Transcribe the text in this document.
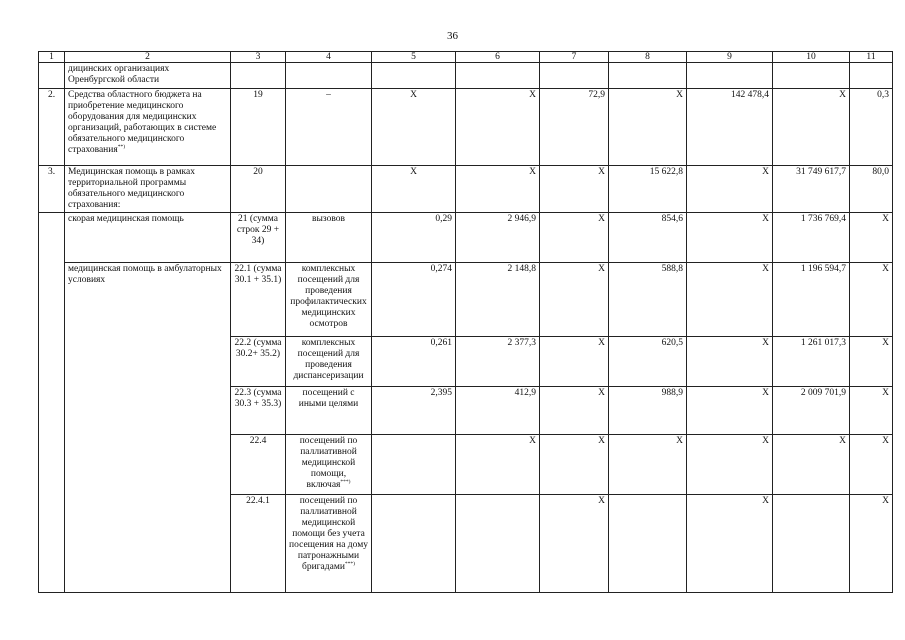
36
1	2	3	4	5	6	7	8	9	10	11
	дицинских организациях Оренбургской области									
2.	Средства областного бюджета на приобретение медицинского оборудования для медицинских организаций, работающих в системе обязательного медицинского страхования**)	19	–	Х	Х	72,9	Х	142 478,4	Х	0,3
3.	Медицинская помощь в рамках территориальной программы обязательного медицинского страхования:	20		Х	Х	Х	15 622,8	Х	31 749 617,7	80,0
	скорая медицинская помощь	21 (сумма строк 29 + 34)	вызовов	0,29	2 946,9	Х	854,6	Х	1 736 769,4	Х
	медицинская помощь в амбулаторных условиях	22.1 (сумма 30.1 + 35.1)	комплексных посещений для проведения профилактических медицинских осмотров	0,274	2 148,8	Х	588,8	Х	1 196 594,7	Х
		22.2 (сумма 30.2+ 35.2)	комплексных посещений для проведения диспансеризации	0,261	2 377,3	Х	620,5	Х	1 261 017,3	Х
		22.3 (сумма 30.3 + 35.3)	посещений с иными целями	2,395	412,9	Х	988,9	Х	2 009 701,9	Х
		22.4	посещений по паллиативной медицинской помощи, включая***)		Х	Х	Х	Х	Х	Х
		22.4.1	посещений по паллиативной медицинской помощи без учета посещения на дому патронажными бригадами***)			Х		Х		Х
